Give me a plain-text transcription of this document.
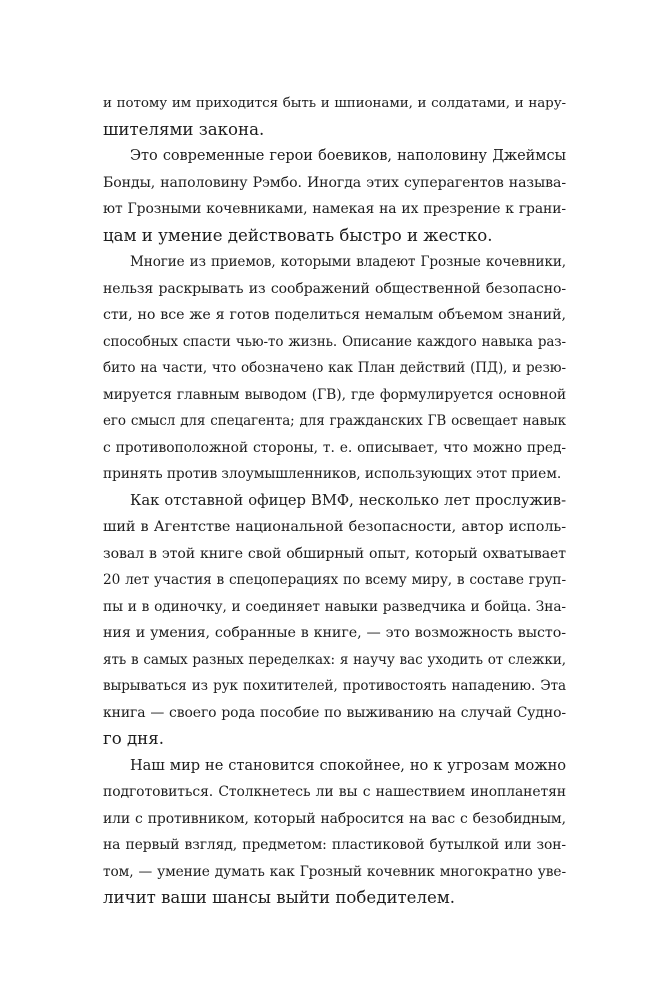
и потому им приходится быть и шпионами, и солдатами, и нару-
шителями закона.
Это современные герои боевиков, наполовину Джеймсы
Бонды, наполовину Рэмбо. Иногда этих суперагентов называ-
ют Грозными кочевниками, намекая на их презрение к грани-
цам и умение действовать быстро и жестко.
Многие из приемов, которыми владеют Грозные кочевники,
нельзя раскрывать из соображений общественной безопасно-
сти, но все же я готов поделиться немалым объемом знаний,
способных спасти чью-то жизнь. Описание каждого навыка раз-
бито на части, что обозначено как План действий (ПД), и резю-
мируется главным выводом (ГВ), где формулируется основной
его смысл для спецагента; для гражданских ГВ освещает навык
с противоположной стороны, т. е. описывает, что можно пред-
принять против злоумышленников, использующих этот прием.
Как отставной офицер ВМФ, несколько лет прослужив-
ший в Агентстве национальной безопасности, автор исполь-
зовал в этой книге свой обширный опыт, который охватывает
20 лет участия в спецоперациях по всему миру, в составе груп-
пы и в одиночку, и соединяет навыки разведчика и бойца. Зна-
ния и умения, собранные в книге, — это возможность высто-
ять в самых разных переделках: я научу вас уходить от слежки,
вырываться из рук похитителей, противостоять нападению. Эта
книга — своего рода пособие по выживанию на случай Судно-
го дня.
Наш мир не становится спокойнее, но к угрозам можно
подготовиться. Столкнетесь ли вы с нашествием инопланетян
или с противником, который набросится на вас с безобидным,
на первый взгляд, предметом: пластиковой бутылкой или зон-
том, — умение думать как Грозный кочевник многократно уве-
личит ваши шансы выйти победителем.
